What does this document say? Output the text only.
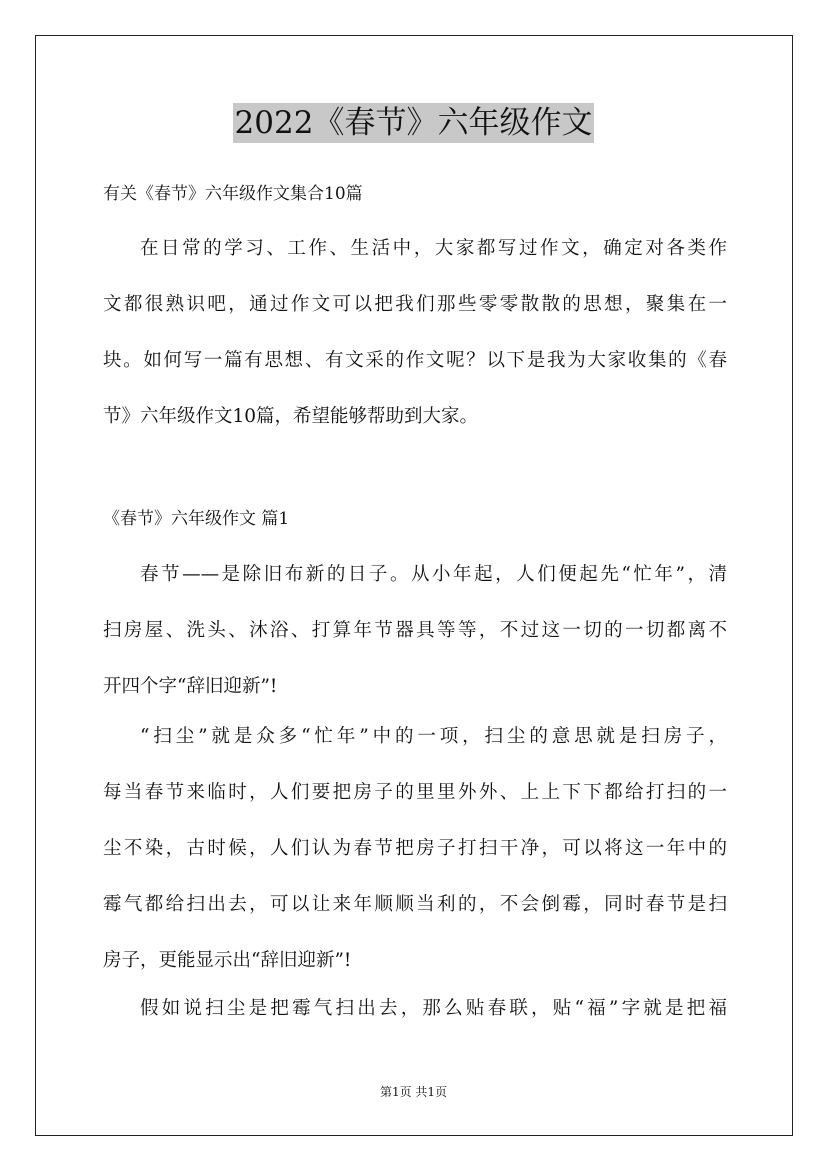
2022《春节》六年级作文
有关《春节》六年级作文集合10篇
在日常的学习、工作、生活中，大家都写过作文，确定对各类作
文都很熟识吧，通过作文可以把我们那些零零散散的思想，聚集在一
块。如何写一篇有思想、有文采的作文呢？以下是我为大家收集的《春
节》六年级作文10篇，希望能够帮助到大家。
《春节》六年级作文 篇1
春节——是除旧布新的日子。从小年起，人们便起先“忙年”，清
扫房屋、洗头、沐浴、打算年节器具等等，不过这一切的一切都离不
开四个字“辞旧迎新”!
“扫尘”就是众多“忙年”中的一项，扫尘的意思就是扫房子，
每当春节来临时，人们要把房子的里里外外、上上下下都给打扫的一
尘不染，古时候，人们认为春节把房子打扫干净，可以将这一年中的
霉气都给扫出去，可以让来年顺顺当利的，不会倒霉，同时春节是扫
房子，更能显示出“辞旧迎新”!
假如说扫尘是把霉气扫出去，那么贴春联，贴“福”字就是把福
第1页 共1页
